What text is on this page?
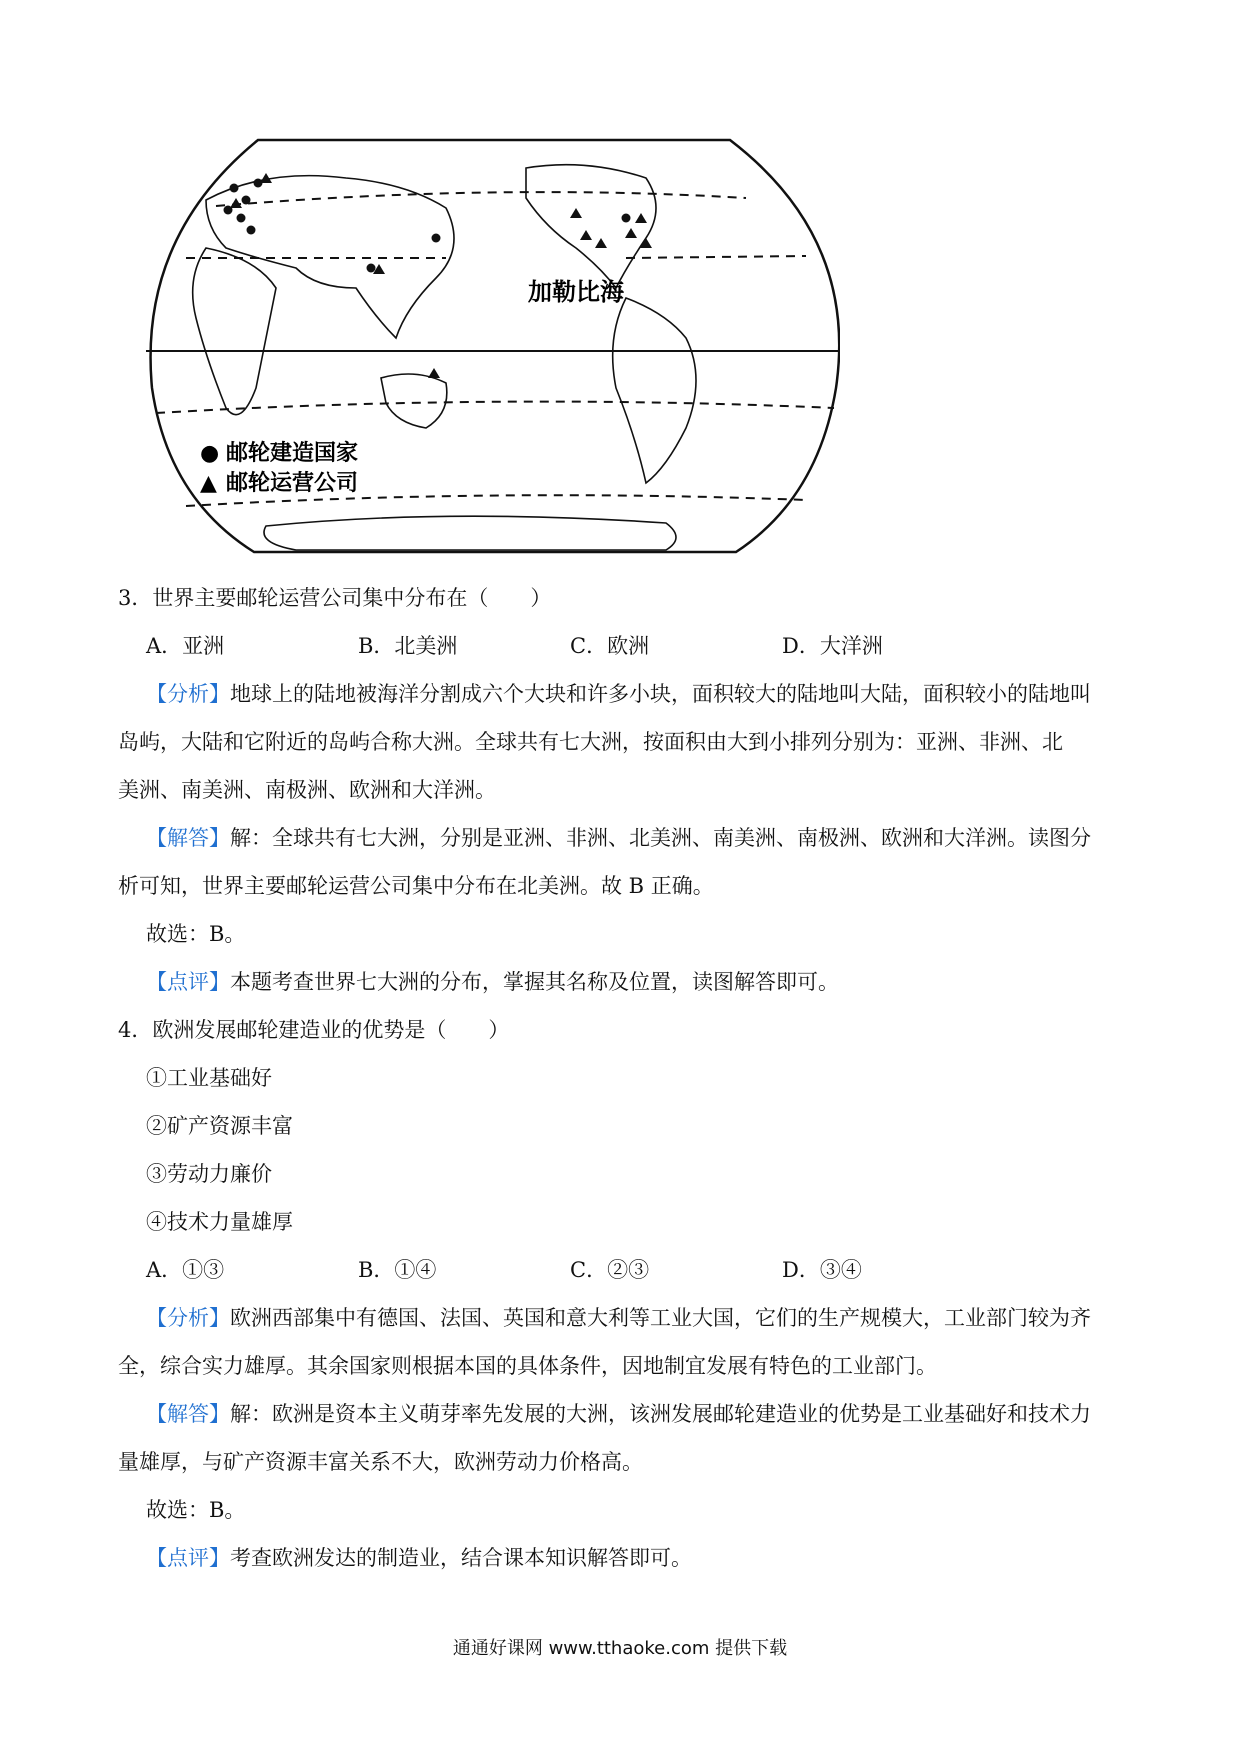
加勒比海
● 邮轮建造国家
▲ 邮轮运营公司
3．世界主要邮轮运营公司集中分布在（　　）
A．亚洲	B．北美洲	C．欧洲	D．大洋洲
【分析】地球上的陆地被海洋分割成六个大块和许多小块，面积较大的陆地叫大陆，面积较小的陆地叫
岛屿，大陆和它附近的岛屿合称大洲。全球共有七大洲，按面积由大到小排列分别为：亚洲、非洲、北
美洲、南美洲、南极洲、欧洲和大洋洲。
【解答】解：全球共有七大洲，分别是亚洲、非洲、北美洲、南美洲、南极洲、欧洲和大洋洲。读图分
析可知，世界主要邮轮运营公司集中分布在北美洲。故 B 正确。
故选：B。
【点评】本题考查世界七大洲的分布，掌握其名称及位置，读图解答即可。
4．欧洲发展邮轮建造业的优势是（　　）
①工业基础好
②矿产资源丰富
③劳动力廉价
④技术力量雄厚
A．①③	B．①④	C．②③	D．③④
【分析】欧洲西部集中有德国、法国、英国和意大利等工业大国，它们的生产规模大，工业部门较为齐
全，综合实力雄厚。其余国家则根据本国的具体条件，因地制宜发展有特色的工业部门。
【解答】解：欧洲是资本主义萌芽率先发展的大洲，该洲发展邮轮建造业的优势是工业基础好和技术力
量雄厚，与矿产资源丰富关系不大，欧洲劳动力价格高。
故选：B。
【点评】考查欧洲发达的制造业，结合课本知识解答即可。
通通好课网 www.tthaoke.com 提供下载
